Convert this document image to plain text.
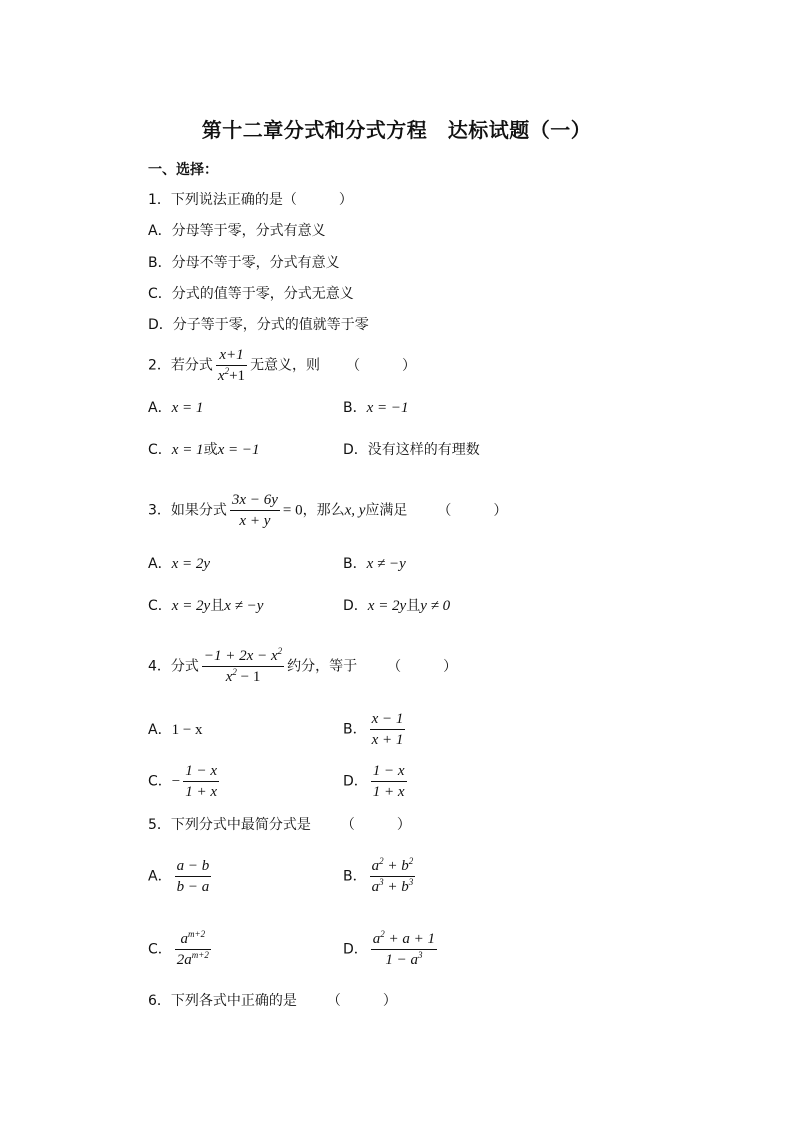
第十二章分式和分式方程　达标试题（一）
一、选择：
1．下列说法正确的是（　　　）
A．分母等于零，分式有意义
B．分母不等于零，分式有意义
C．分式的值等于零，分式无意义
D．分子等于零，分式的值就等于零
2．若分式 $\frac{x+1}{x^2+1}$ 无意义，则 （　　　）
A．x = 1	B．x = −1
C．x = 1或x = −1	D．没有这样的有理数
3．如果分式 $\frac{3x - 6y}{x + y} = 0$，那么x, y应满足 （　　　）
A．x = 2y	B．x ≠ −y
C．x = 2y且x ≠ −y	D．x = 2y且y ≠ 0
4．分式 $\frac{-1 + 2x - x^2}{x^2 - 1}$ 约分，等于 （　　　）
A．1 − x	B． $\frac{x - 1}{x + 1}$
C．− $\frac{1 - x}{1 + x}$	D． $\frac{1 - x}{1 + x}$
5．下列分式中最简分式是 （　　　）
A． $\frac{a - b}{b - a}$	B． $\frac{a^2 + b^2}{a^3 + b^3}$
C． $\frac{a^{m+2}}{2a^{m+2}}$	D． $\frac{a^2 + a + 1}{1 - a^3}$
6．下列各式中正确的是 （　　　）
